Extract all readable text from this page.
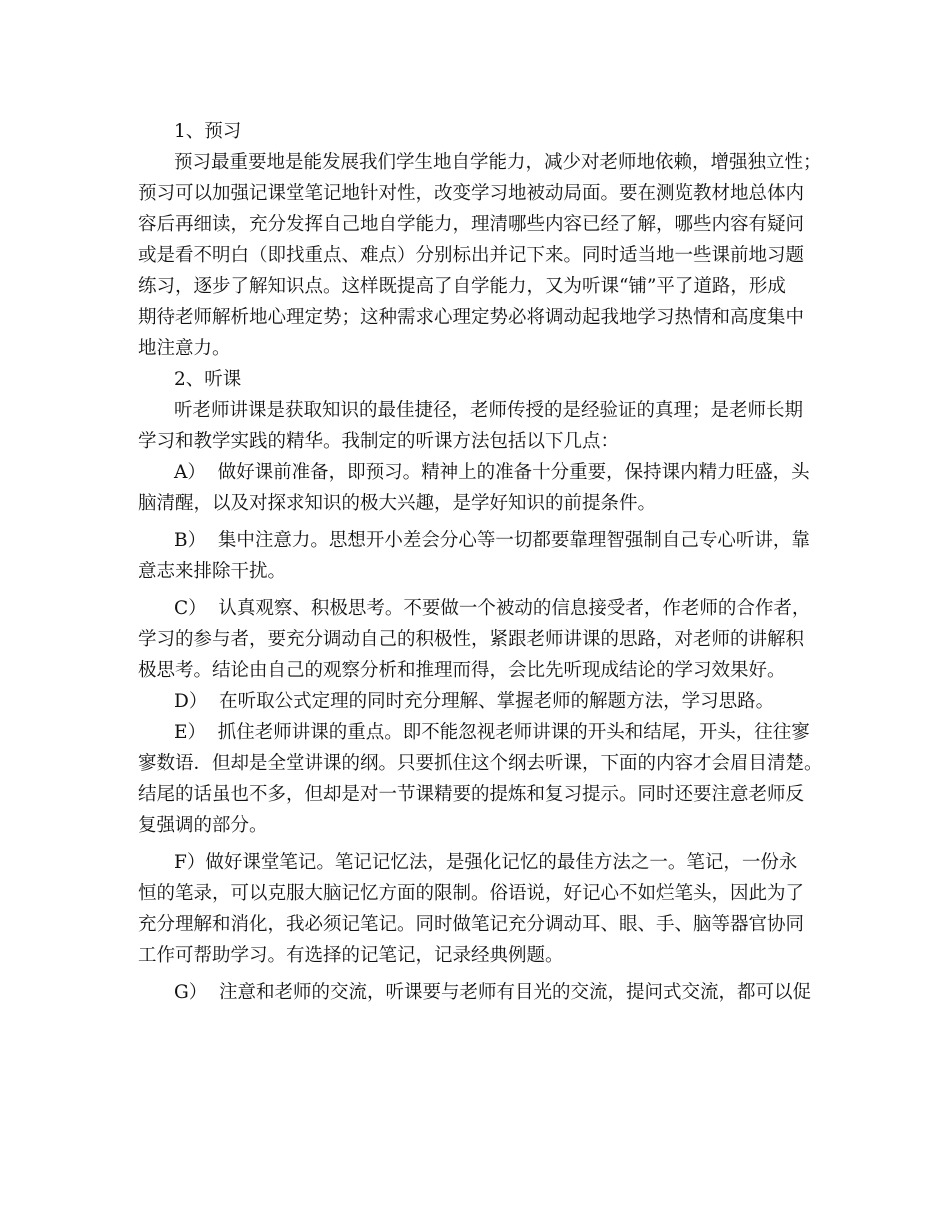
1、预习
预习最重要地是能发展我们学生地自学能力，减少对老师地依赖，增强独立性；
预习可以加强记课堂笔记地针对性，改变学习地被动局面。要在测览教材地总体内
容后再细读，充分发挥自己地自学能力，理清哪些内容已经了解，哪些内容有疑问
或是看不明白（即找重点、难点）分别标出并记下来。同时适当地一些课前地习题
练习，逐步了解知识点。这样既提高了自学能力，又为听课“铺”平了道路，形成
期待老师解析地心理定势；这种需求心理定势必将调动起我地学习热情和高度集中
地注意力。
2、听课
听老师讲课是获取知识的最佳捷径，老师传授的是经验证的真理；是老师长期
学习和教学实践的精华。我制定的听课方法包括以下几点：
A）  做好课前准备，即预习。精神上的准备十分重要，保持课内精力旺盛，头
脑清醒，以及对探求知识的极大兴趣，是学好知识的前提条件。
B）  集中注意力。思想开小差会分心等一切都要靠理智强制自己专心听讲，靠
意志来排除干扰。
C）  认真观察、积极思考。不要做一个被动的信息接受者，作老师的合作者，
学习的参与者，要充分调动自己的积极性，紧跟老师讲课的思路，对老师的讲解积
极思考。结论由自己的观察分析和推理而得，会比先听现成结论的学习效果好。
D）  在听取公式定理的同时充分理解、掌握老师的解题方法，学习思路。
E）  抓住老师讲课的重点。即不能忽视老师讲课的开头和结尾，开头，往往寥
寥数语．但却是全堂讲课的纲。只要抓住这个纲去听课，下面的内容才会眉目清楚。
结尾的话虽也不多，但却是对一节课精要的提炼和复习提示。同时还要注意老师反
复强调的部分。
F）做好课堂笔记。笔记记忆法，是强化记忆的最佳方法之一。笔记，一份永
恒的笔录，可以克服大脑记忆方面的限制。俗语说，好记心不如烂笔头，因此为了
充分理解和消化，我必须记笔记。同时做笔记充分调动耳、眼、手、脑等器官协同
工作可帮助学习。有选择的记笔记，记录经典例题。
G）  注意和老师的交流，听课要与老师有目光的交流，提问式交流，都可以促
